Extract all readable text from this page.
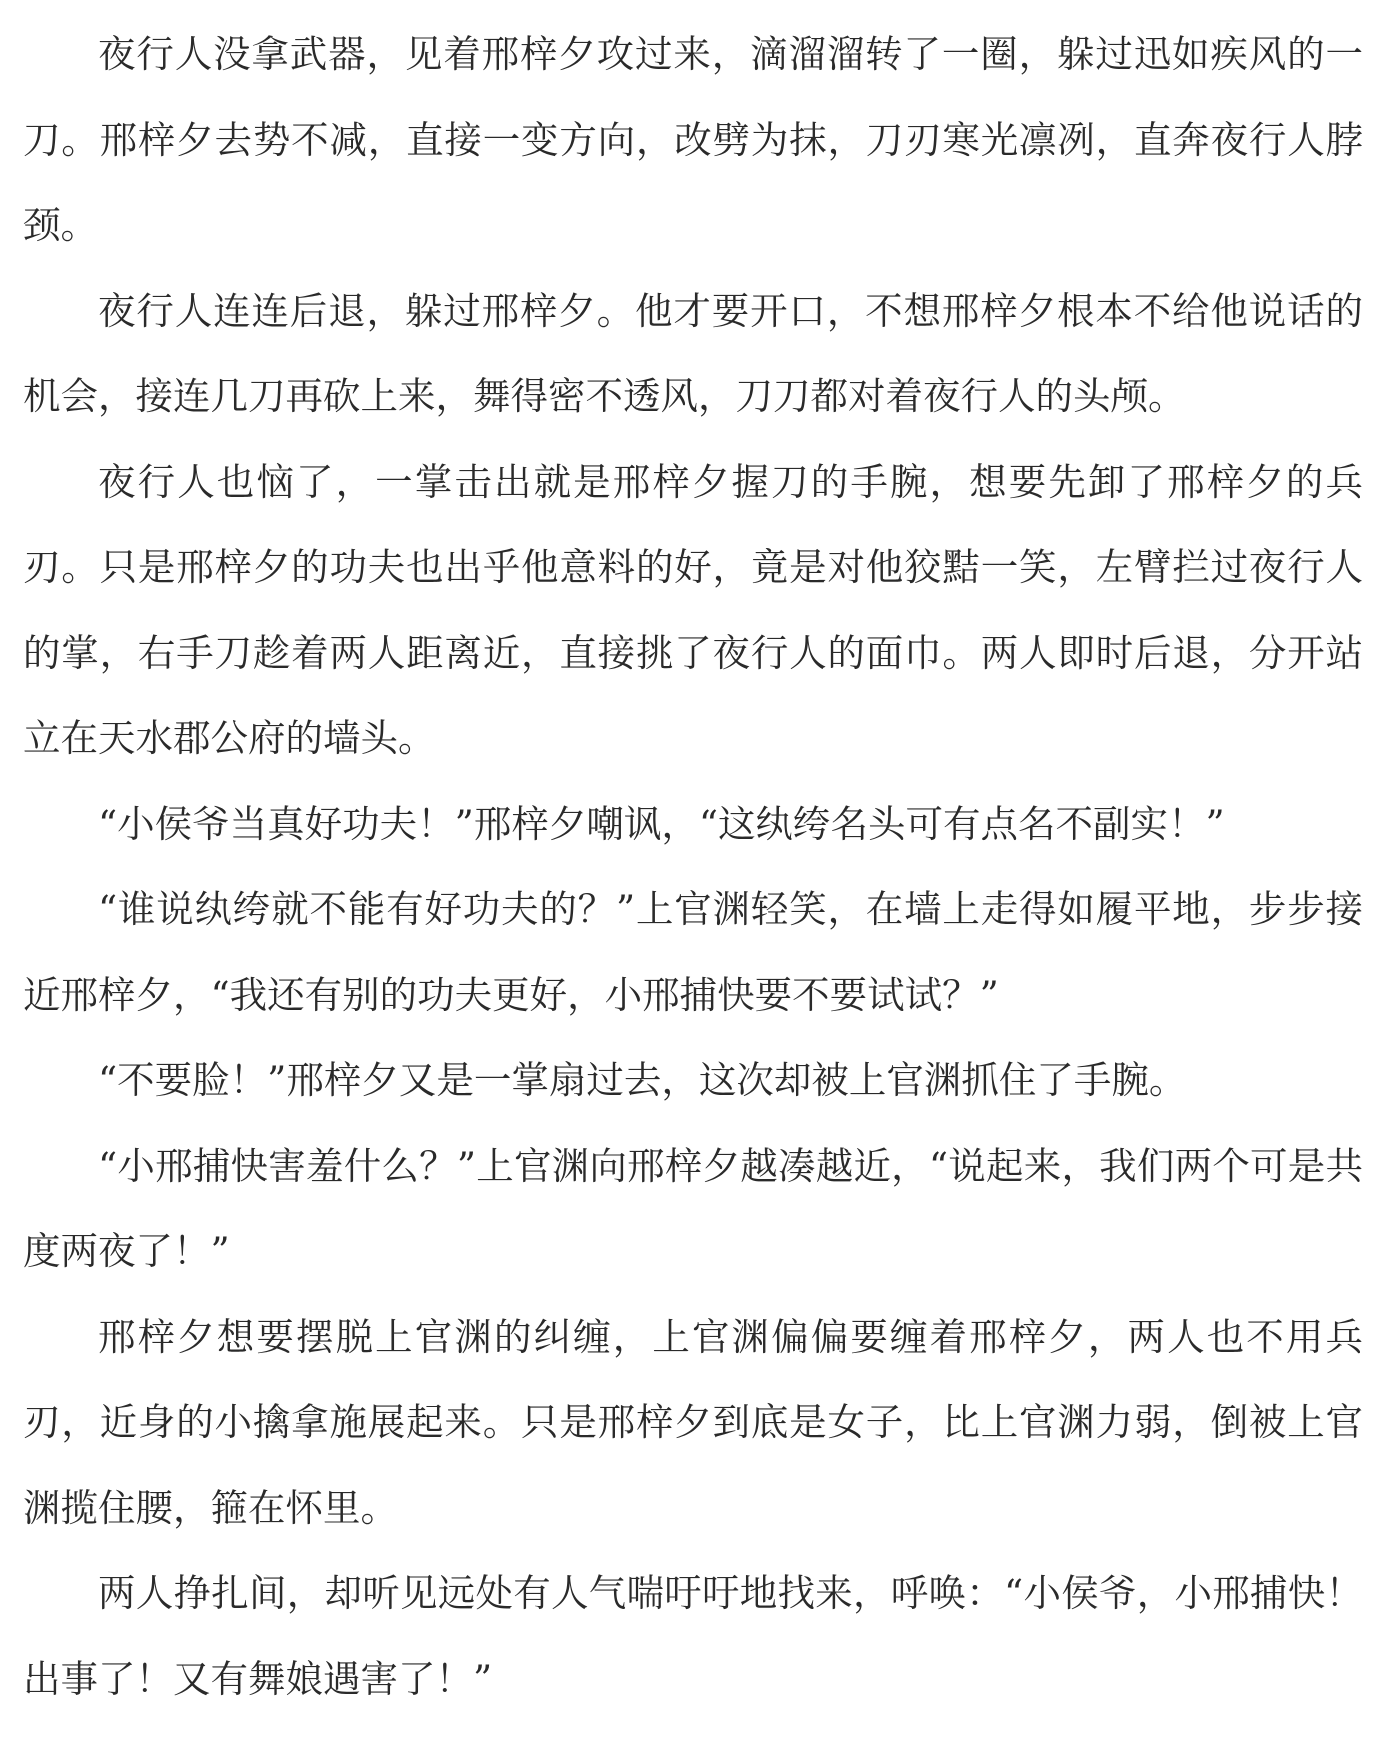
夜行人没拿武器，见着邢梓夕攻过来，滴溜溜转了一圈，躲过迅如疾风的一刀。邢梓夕去势不减，直接一变方向，改劈为抹，刀刃寒光凛冽，直奔夜行人脖颈。

夜行人连连后退，躲过邢梓夕。他才要开口，不想邢梓夕根本不给他说话的机会，接连几刀再砍上来，舞得密不透风，刀刀都对着夜行人的头颅。

夜行人也恼了，一掌击出就是邢梓夕握刀的手腕，想要先卸了邢梓夕的兵刃。只是邢梓夕的功夫也出乎他意料的好，竟是对他狡黠一笑，左臂拦过夜行人的掌，右手刀趁着两人距离近，直接挑了夜行人的面巾。两人即时后退，分开站立在天水郡公府的墙头。

“小侯爷当真好功夫！”邢梓夕嘲讽，“这纨绔名头可有点名不副实！”

“谁说纨绔就不能有好功夫的？”上官渊轻笑，在墙上走得如履平地，步步接近邢梓夕，“我还有别的功夫更好，小邢捕快要不要试试？”

“不要脸！”邢梓夕又是一掌扇过去，这次却被上官渊抓住了手腕。

“小邢捕快害羞什么？”上官渊向邢梓夕越凑越近，“说起来，我们两个可是共度两夜了！”

邢梓夕想要摆脱上官渊的纠缠，上官渊偏偏要缠着邢梓夕，两人也不用兵刃，近身的小擒拿施展起来。只是邢梓夕到底是女子，比上官渊力弱，倒被上官渊揽住腰，箍在怀里。

两人挣扎间，却听见远处有人气喘吁吁地找来，呼唤：“小侯爷，小邢捕快！出事了！又有舞娘遇害了！”
